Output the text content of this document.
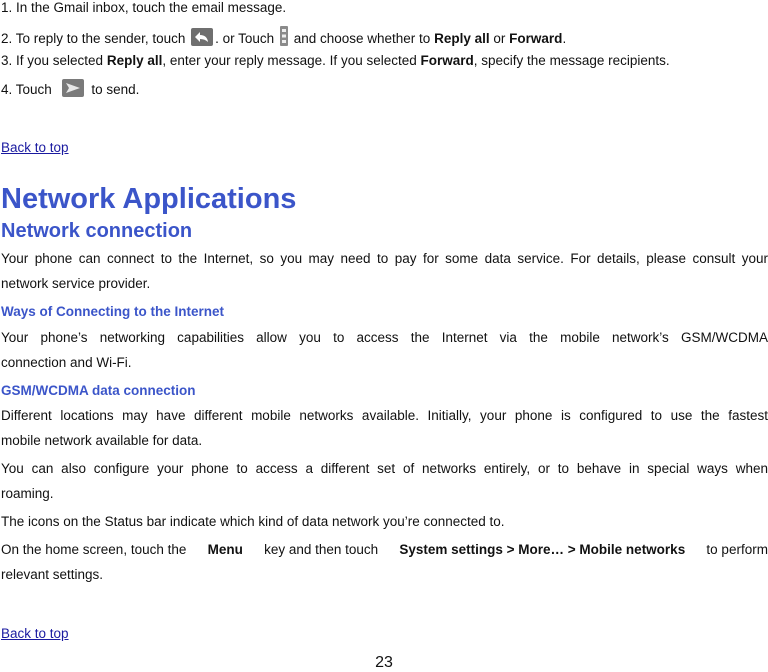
1. In the Gmail inbox, touch the email message.
2. To reply to the sender, touch . or Touch and choose whether to Reply all or Forward.
3. If you selected Reply all, enter your reply message. If you selected Forward, specify the message recipients.
4. Touch	to send.
Back to top
Network Applications
Network connection
Your phone can connect to the Internet, so you may need to pay for some data service. For details, please consult your
network service provider.
Ways of Connecting to the Internet
Your phone’s networking capabilities allow you to access the Internet via the mobile network’s GSM/WCDMA
connection and Wi-Fi.
GSM/WCDMA data connection
Different locations may have different mobile networks available. Initially, your phone is configured to use the fastest
mobile network available for data.
You can also configure your phone to access a different set of networks entirely, or to behave in special ways when
roaming.
The icons on the Status bar indicate which kind of data network you’re connected to.
On the home screen, touch the Menu key and then touch System settings > More… > Mobile networks to perform
relevant settings.
Back to top
23
